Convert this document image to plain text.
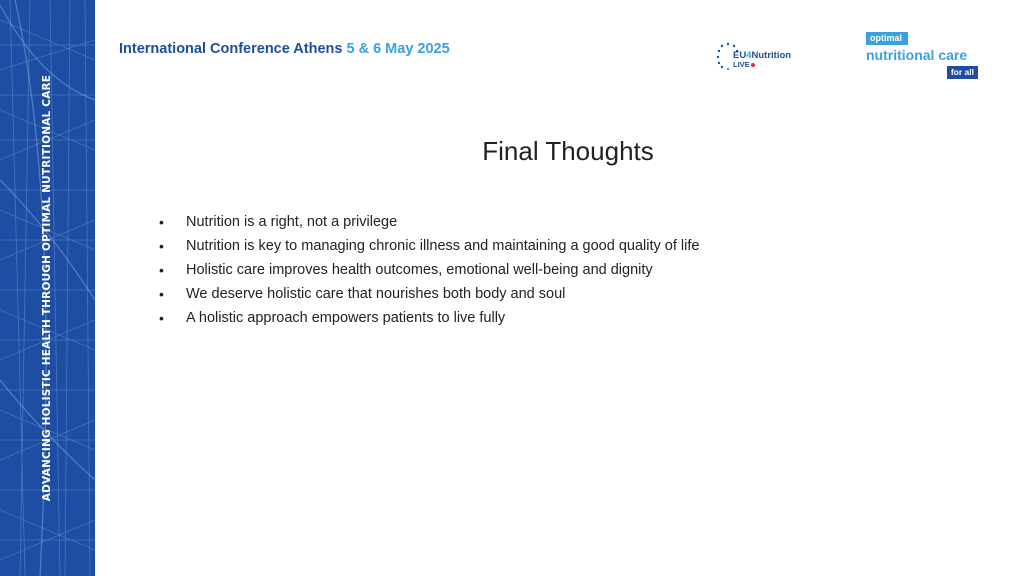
ADVANCING HOLISTIC HEALTH THROUGH OPTIMAL NUTRITIONAL CARE
International Conference Athens 5 & 6 May 2025	EU4Nutrition
LIVE
optimal
nutritional care
for all
Final Thoughts
• Nutrition is a right, not a privilege
• Nutrition is key to managing chronic illness and maintaining a good quality of life
• Holistic care improves health outcomes, emotional well-being and dignity
• We deserve holistic care that nourishes both body and soul
• A holistic approach empowers patients to live fully
